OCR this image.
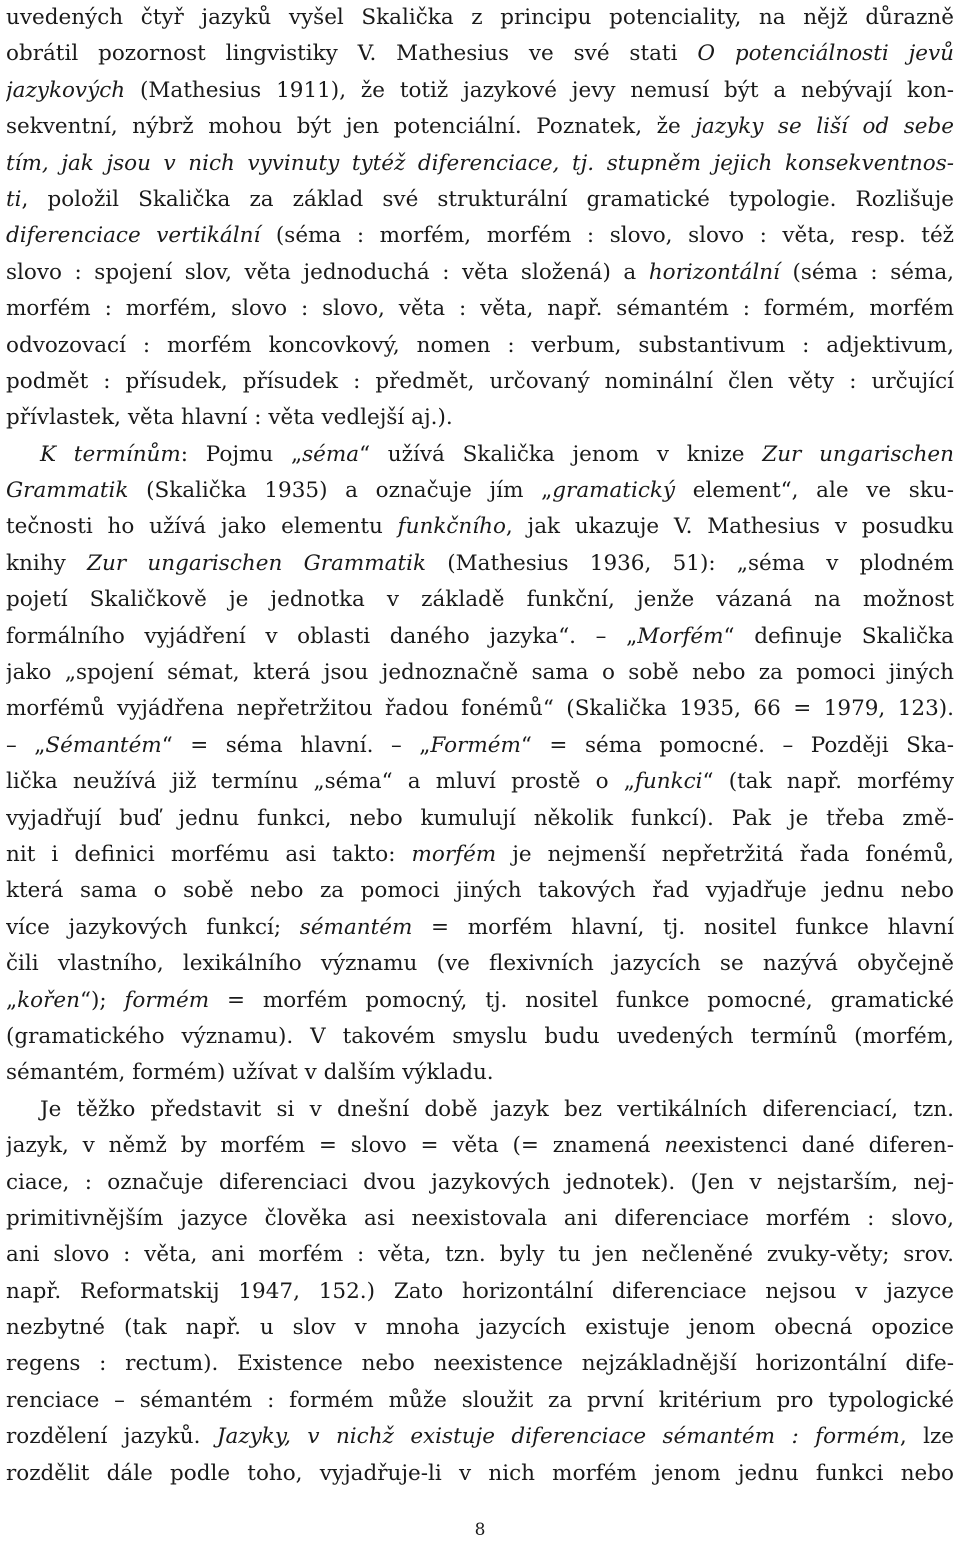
uvedených čtyř jazyků vyšel Skalička z principu potenciality, na nějž důrazně
obrátil pozornost lingvistiky V. Mathesius ve své stati O potenciálnosti jevů
jazykových (Mathesius 1911), že totiž jazykové jevy nemusí být a nebývají kon-
sekventní, nýbrž mohou být jen potenciální. Poznatek, že jazyky se liší od sebe
tím, jak jsou v nich vyvinuty tytéž diferenciace, tj. stupněm jejich konsekventnos-
ti, položil Skalička za základ své strukturální gramatické typologie. Rozlišuje
diferenciace vertikální (séma : morfém, morfém : slovo, slovo : věta, resp. též
slovo : spojení slov, věta jednoduchá : věta složená) a horizontální (séma : séma,
morfém : morfém, slovo : slovo, věta : věta, např. sémantém : formém, morfém
odvozovací : morfém koncovkový, nomen : verbum, substantivum : adjektivum,
podmět : přísudek, přísudek : předmět, určovaný nominální člen věty : určující
přívlastek, věta hlavní : věta vedlejší aj.).
K termínům: Pojmu „séma“ užívá Skalička jenom v knize Zur ungarischen
Grammatik (Skalička 1935) a označuje jím „gramatický element“, ale ve sku-
tečnosti ho užívá jako elementu funkčního, jak ukazuje V. Mathesius v posudku
knihy Zur ungarischen Grammatik (Mathesius 1936, 51): „séma v plodném
pojetí Skaličkově je jednotka v základě funkční, jenže vázaná na možnost
formálního vyjádření v oblasti daného jazyka“. – „Morfém“ definuje Skalička
jako „spojení sémat, která jsou jednoznačně sama o sobě nebo za pomoci jiných
morfémů vyjádřena nepřetržitou řadou fonémů“ (Skalička 1935, 66 = 1979, 123).
– „Sémantém“ = séma hlavní. – „Formém“ = séma pomocné. – Později Ska-
lička neužívá již termínu „séma“ a mluví prostě o „funkci“ (tak např. morfémy
vyjadřují buď jednu funkci, nebo kumulují několik funkcí). Pak je třeba změ-
nit i definici morfému asi takto: morfém je nejmenší nepřetržitá řada fonémů,
která sama o sobě nebo za pomoci jiných takových řad vyjadřuje jednu nebo
více jazykových funkcí; sémantém = morfém hlavní, tj. nositel funkce hlavní
čili vlastního, lexikálního významu (ve flexivních jazycích se nazývá obyčejně
„kořen“); formém = morfém pomocný, tj. nositel funkce pomocné, gramatické
(gramatického významu). V takovém smyslu budu uvedených termínů (morfém,
sémantém, formém) užívat v dalším výkladu.
Je těžko představit si v dnešní době jazyk bez vertikálních diferenciací, tzn.
jazyk, v němž by morfém = slovo = věta (= znamená neexistenci dané diferen-
ciace, : označuje diferenciaci dvou jazykových jednotek). (Jen v nejstarším, nej-
primitivnějším jazyce člověka asi neexistovala ani diferenciace morfém : slovo,
ani slovo : věta, ani morfém : věta, tzn. byly tu jen nečleněné zvuky-věty; srov.
např. Reformatskij 1947, 152.) Zato horizontální diferenciace nejsou v jazyce
nezbytné (tak např. u slov v mnoha jazycích existuje jenom obecná opozice
regens : rectum). Existence nebo neexistence nejzákladnější horizontální dife-
renciace – sémantém : formém může sloužit za první kritérium pro typologické
rozdělení jazyků. Jazyky, v nichž existuje diferenciace sémantém : formém, lze
rozdělit dále podle toho, vyjadřuje-li v nich morfém jenom jednu funkci nebo
8
